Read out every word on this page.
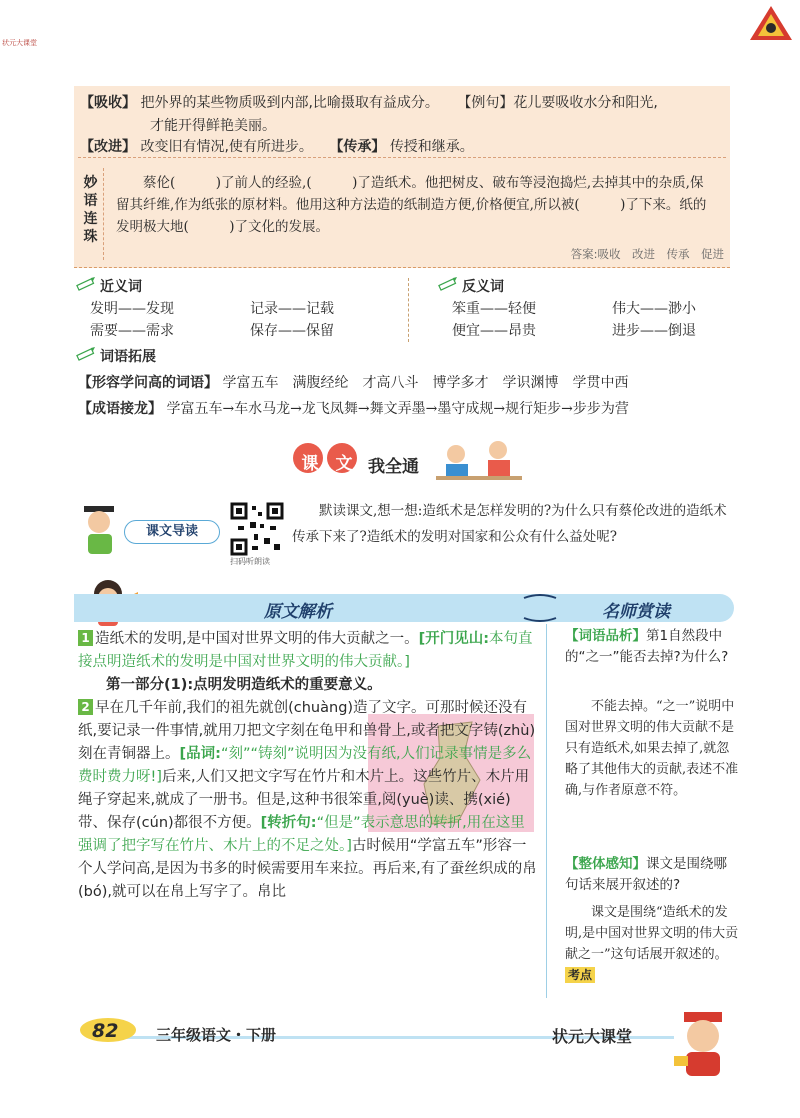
状元大课堂
【吸收】 把外界的某些物质吸到内部,比喻摄取有益成分。 【例句】花儿要吸收水分和阳光,
才能开得鲜艳美丽。
【改进】 改变旧有情况,使有所进步。 【传承】 传授和继承。
妙语连珠
蔡伦(　　　)了前人的经验,(　　　)了造纸术。他把树皮、破布等浸泡捣烂,去掉其中的杂质,保留其纤维,作为纸张的原材料。他用这种方法造的纸制造方便,价格便宜,所以被(　　　)了下来。纸的发明极大地(　　　)了文化的发展。
答案:吸收　改进　传承　促进
近义词
发明——发现	记录——记载
需要——需求	保存——保留
反义词
笨重——轻便	伟大——渺小
便宜——昂贵	进步——倒退
词语拓展
【形容学问高的词语】 学富五车　满腹经纶　才高八斗　博学多才　学识渊博　学贯中西
【成语接龙】 学富五车→车水马龙→龙飞凤舞→舞文弄墨→墨守成规→规行矩步→步步为营
课 文 我全通
课文导读
扫码听朗读
默读课文,想一想:造纸术是怎样发明的?为什么只有蔡伦改进的造纸术传承下来了?造纸术的发明对国家和公众有什么益处呢?
原文解析	名师赏读

1 造纸术的发明,是中国对世界文明的伟大贡献之一。[开门见山:本句直接点明造纸术的发明是中国对世界文明的伟大贡献。]

第一部分(1):点明发明造纸术的重要意义。

2 早在几千年前,我们的祖先就创(chuàng)造了文字。可那时候还没有纸,要记录一件事情,就用刀把文字刻在龟甲和兽骨上,或者把文字铸(zhù)刻在青铜器上。[品词:“刻”“铸刻”说明因为没有纸,人们记录事情是多么费时费力呀!]后来,人们又把文字写在竹片和木片上。这些竹片、木片用绳子穿起来,就成了一册书。但是,这种书很笨重,阅(yuè)读、携(xié)带、保存(cún)都很不方便。[转折句:“但是”表示意思的转折,用在这里强调了把字写在竹片、木片上的不足之处。]古时候用“学富五车”形容一个人学问高,是因为书多的时候需要用车来拉。再后来,有了蚕丝织成的帛(bó),就可以在帛上写字了。帛比

【词语品析】第1自然段中的“之一”能否去掉?为什么?
不能去掉。“之一”说明中国对世界文明的伟大贡献不是只有造纸术,如果去掉了,就忽略了其他伟大的贡献,表述不准确,与作者原意不符。
【整体感知】课文是围绕哪句话来展开叙述的?
课文是围绕“造纸术的发明,是中国对世界文明的伟大贡献之一”这句话展开叙述的。考点
82	三年级语文・下册	状元大课堂
